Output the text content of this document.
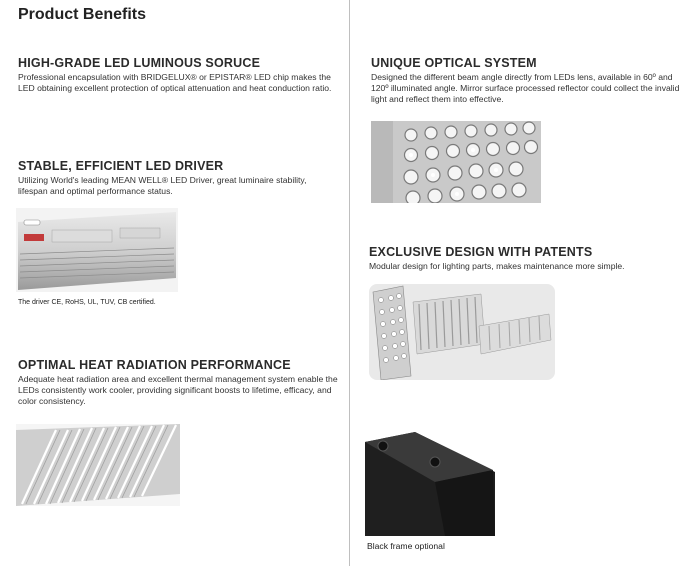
Product Benefits
HIGH-GRADE LED LUMINOUS SORUCE

Professional encapsulation with BRIDGELUX® or EPISTAR® LED chip makes the LED obtaining excellent protection of optical attenuation and heat conduction ratio.

STABLE, EFFICIENT LED DRIVER

Utilizing World's leading MEAN WELL® LED Driver, great luminaire stability, lifespan and optimal performance status.

The driver CE, RoHS, UL, TUV, CB certified.
OPTIMAL HEAT RADIATION PERFORMANCE

Adequate heat radiation area and excellent thermal management system enable the LEDs consistently work cooler, providing significant boosts to lifetime, efficacy, and color consistency.

UNIQUE OPTICAL SYSTEM

Designed the different beam angle directly from LEDs lens, available in 60º and 120º illuminated angle. Mirror surface processed reflector could collect the invalid light and reflect them into effective.

EXCLUSIVE DESIGN WITH PATENTS

Modular design for lighting parts, makes maintenance more simple.

Black frame optional
